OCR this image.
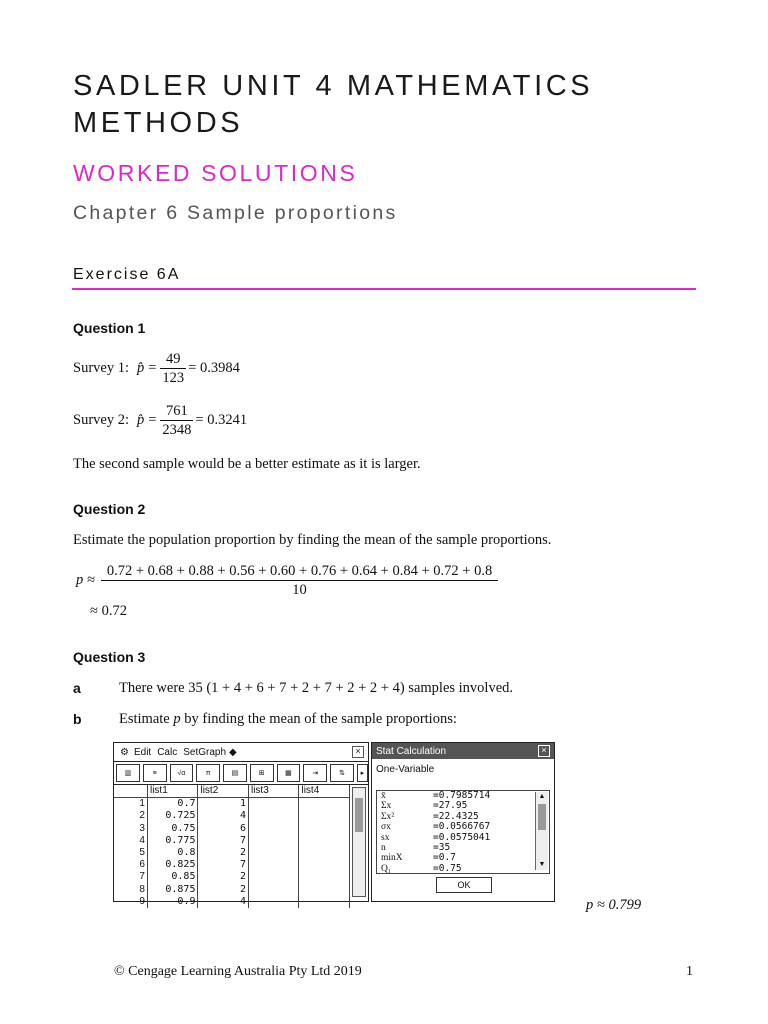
SADLER UNIT 4 MATHEMATICS METHODS
WORKED SOLUTIONS
Chapter 6 Sample proportions
Exercise 6A
Question 1
Survey 1: p̂ = $\frac{49}{123} = 0.3984$
Survey 2: p̂ = $\frac{761}{2348} = 0.3241$
The second sample would be a better estimate as it is larger.
Question 2
Estimate the population proportion by finding the mean of the sample proportions.
p ≈
0.72 + 0.68 + 0.88 + 0.56 + 0.60 + 0.76 + 0.64 + 0.84 + 0.72 + 0.8
10
≈ 0.72
Question 3
a	There were 35 (1 + 4 + 6 + 7 + 2 + 7 + 2 + 2 + 4) samples involved.
b	Estimate p by finding the mean of the sample proportions:
⚙ Edit Calc SetGraph ◆	×
▥	≡	√α	π	▤	⊞	▦	⇥	⇅	▸
	list1	list2	list3	list4
1	0.7	1		
2	0.725	4		
3	0.75	6		
4	0.775	7		
5	0.8	2		
6	0.825	7		
7	0.85	2		
8	0.875	2		
9	0.9	4		
Stat Calculation	×
One-Variable
x̄	=0.7985714
Σx	=27.95
Σx²	=22.4325
σx	=0.0566767
sx	=0.0575041
n	=35
minX	=0.7
Q₁	=0.75
▲
▼
OK
p ≈ 0.799
© Cengage Learning Australia Pty Ltd 2019	1
